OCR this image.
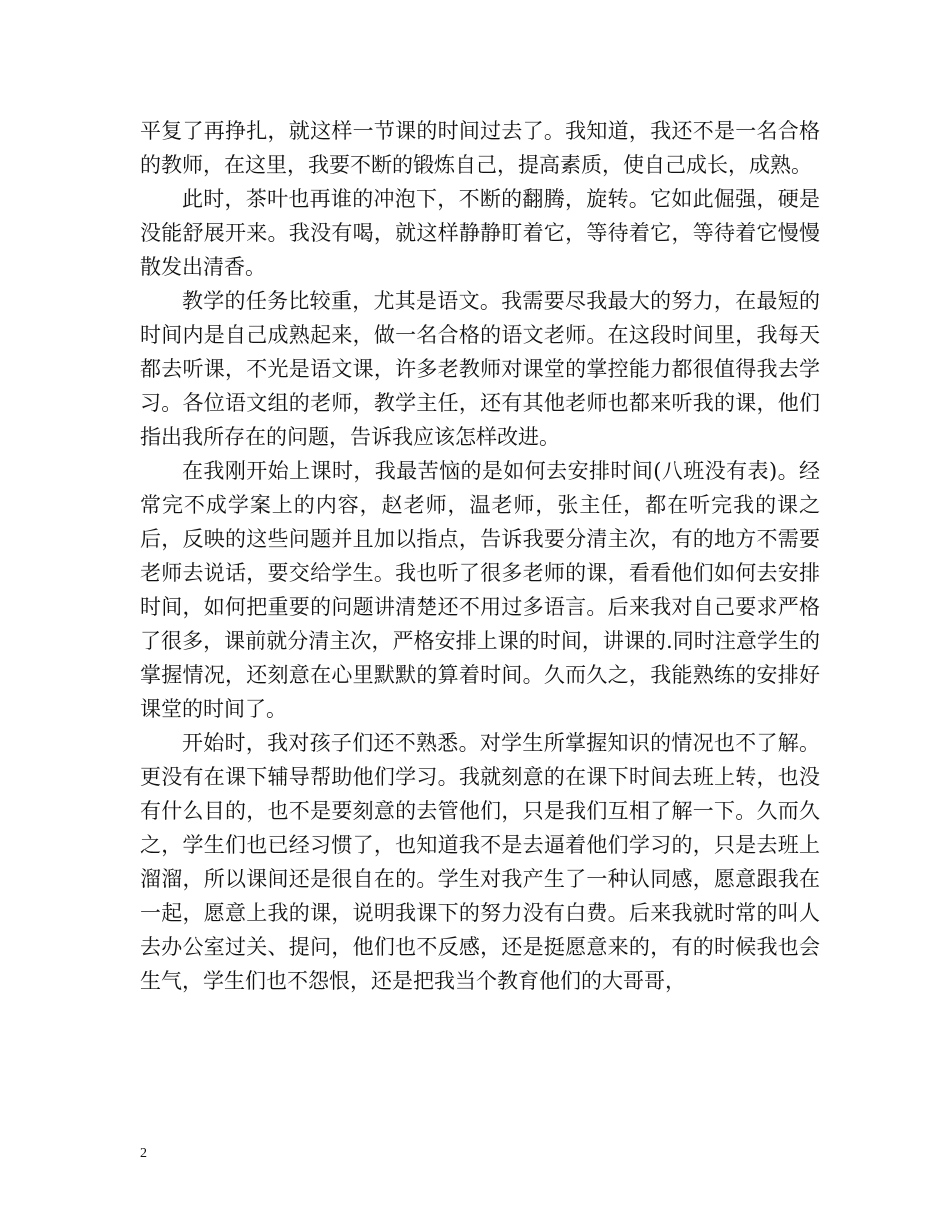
平复了再挣扎，就这样一节课的时间过去了。我知道，我还不是一名合格的教师，在这里，我要不断的锻炼自己，提高素质，使自己成长，成熟。

此时，茶叶也再谁的冲泡下，不断的翻腾，旋转。它如此倔强，硬是没能舒展开来。我没有喝，就这样静静盯着它，等待着它，等待着它慢慢散发出清香。

教学的任务比较重，尤其是语文。我需要尽我最大的努力，在最短的时间内是自己成熟起来，做一名合格的语文老师。在这段时间里，我每天都去听课，不光是语文课，许多老教师对课堂的掌控能力都很值得我去学习。各位语文组的老师，教学主任，还有其他老师也都来听我的课，他们指出我所存在的问题，告诉我应该怎样改进。

在我刚开始上课时，我最苦恼的是如何去安排时间(八班没有表)。经常完不成学案上的内容，赵老师，温老师，张主任，都在听完我的课之后，反映的这些问题并且加以指点，告诉我要分清主次，有的地方不需要老师去说话，要交给学生。我也听了很多老师的课，看看他们如何去安排时间，如何把重要的问题讲清楚还不用过多语言。后来我对自己要求严格了很多，课前就分清主次，严格安排上课的时间，讲课的.同时注意学生的掌握情况，还刻意在心里默默的算着时间。久而久之，我能熟练的安排好课堂的时间了。

开始时，我对孩子们还不熟悉。对学生所掌握知识的情况也不了解。更没有在课下辅导帮助他们学习。我就刻意的在课下时间去班上转，也没有什么目的，也不是要刻意的去管他们，只是我们互相了解一下。久而久之，学生们也已经习惯了，也知道我不是去逼着他们学习的，只是去班上溜溜，所以课间还是很自在的。学生对我产生了一种认同感，愿意跟我在一起，愿意上我的课，说明我课下的努力没有白费。后来我就时常的叫人去办公室过关、提问，他们也不反感，还是挺愿意来的，有的时候我也会生气，学生们也不怨恨，还是把我当个教育他们的大哥哥，

2
